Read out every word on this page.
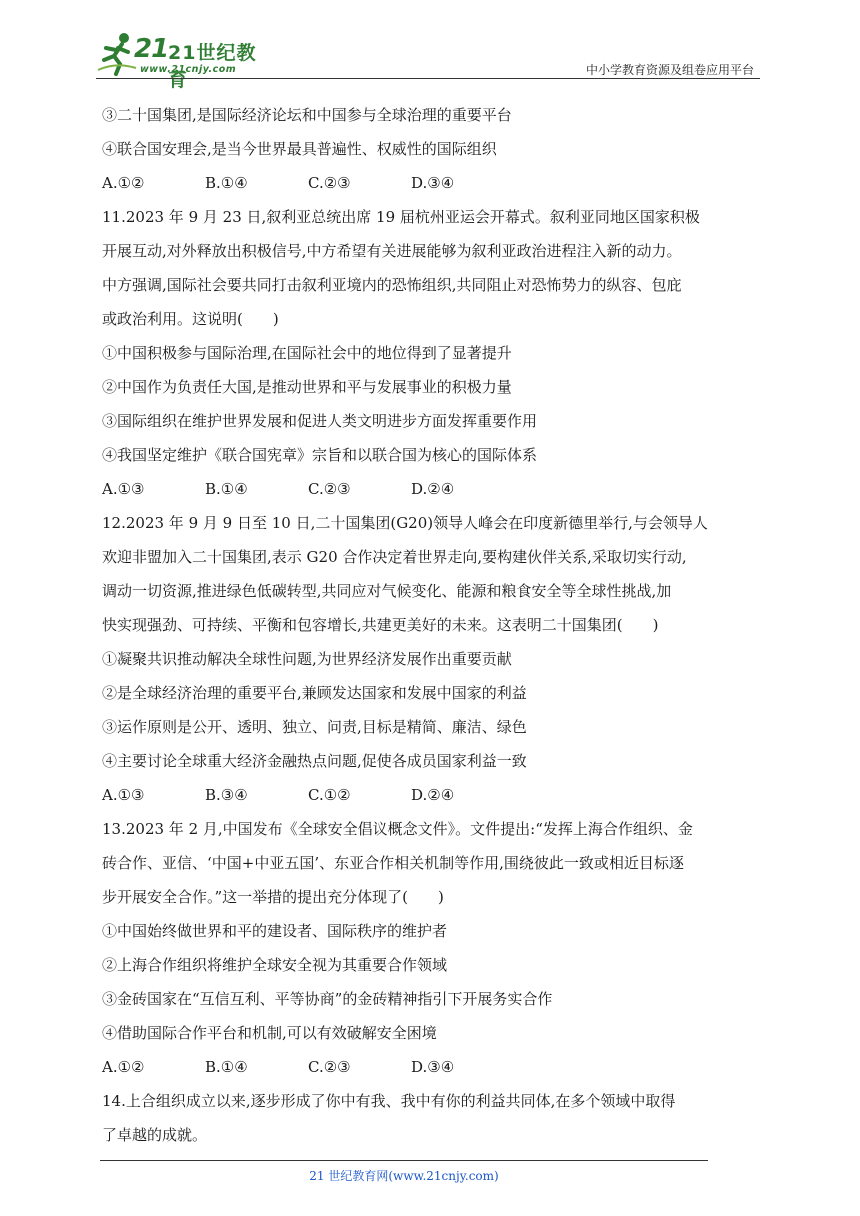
21 21世纪教育
www.21cnjy.com	中小学教育资源及组卷应用平台
③二十国集团,是国际经济论坛和中国参与全球治理的重要平台
④联合国安理会,是当今世界最具普遍性、权威性的国际组织
A.①②	B.①④	C.②③	D.③④
11.2023 年 9 月 23 日,叙利亚总统出席 19 届杭州亚运会开幕式。叙利亚同地区国家积极
开展互动,对外释放出积极信号,中方希望有关进展能够为叙利亚政治进程注入新的动力。
中方强调,国际社会要共同打击叙利亚境内的恐怖组织,共同阻止对恐怖势力的纵容、包庇
或政治利用。这说明(　　)
①中国积极参与国际治理,在国际社会中的地位得到了显著提升
②中国作为负责任大国,是推动世界和平与发展事业的积极力量
③国际组织在维护世界发展和促进人类文明进步方面发挥重要作用
④我国坚定维护《联合国宪章》宗旨和以联合国为核心的国际体系
A.①③	B.①④	C.②③	D.②④
12.2023 年 9 月 9 日至 10 日,二十国集团(G20)领导人峰会在印度新德里举行,与会领导人
欢迎非盟加入二十国集团,表示 G20 合作决定着世界走向,要构建伙伴关系,采取切实行动,
调动一切资源,推进绿色低碳转型,共同应对气候变化、能源和粮食安全等全球性挑战,加
快实现强劲、可持续、平衡和包容增长,共建更美好的未来。这表明二十国集团(　　)
①凝聚共识推动解决全球性问题,为世界经济发展作出重要贡献
②是全球经济治理的重要平台,兼顾发达国家和发展中国家的利益
③运作原则是公开、透明、独立、问责,目标是精简、廉洁、绿色
④主要讨论全球重大经济金融热点问题,促使各成员国家利益一致
A.①③	B.③④	C.①②	D.②④
13.2023 年 2 月,中国发布《全球安全倡议概念文件》。文件提出:“发挥上海合作组织、金
砖合作、亚信、‘中国+中亚五国’、东亚合作相关机制等作用,围绕彼此一致或相近目标逐
步开展安全合作。”这一举措的提出充分体现了(　　)
①中国始终做世界和平的建设者、国际秩序的维护者
②上海合作组织将维护全球安全视为其重要合作领域
③金砖国家在“互信互利、平等协商”的金砖精神指引下开展务实合作
④借助国际合作平台和机制,可以有效破解安全困境
A.①②	B.①④	C.②③	D.③④
14.上合组织成立以来,逐步形成了你中有我、我中有你的利益共同体,在多个领域中取得
了卓越的成就。
21 世纪教育网(www.21cnjy.com)
